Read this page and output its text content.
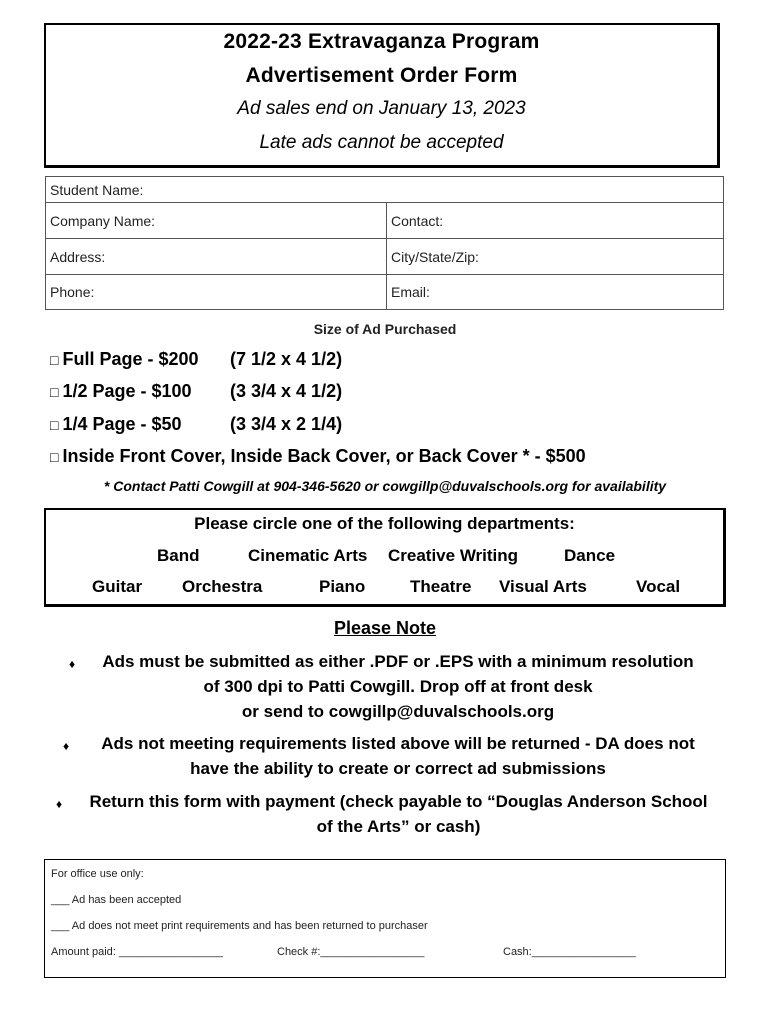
2022-23 Extravaganza Program
Advertisement Order Form
Ad sales end on January 13, 2023
Late ads cannot be accepted
Student Name:	
Company Name:	Contact:
Address:	City/State/Zip:
Phone:	Email:
Size of Ad Purchased
□ Full Page - $200 (7 1/2 x 4 1/2)
□ 1/2 Page - $100 (3 3/4 x 4 1/2)
□ 1/4 Page - $50	(3 3/4 x 2 1/4)
□ Inside Front Cover, Inside Back Cover, or Back Cover * - $500
* Contact Patti Cowgill at 904-346-5620 or cowgillp@duvalschools.org for availability
Please circle one of the following departments:
Band	Cinematic Arts Creative Writing	Dance
Guitar Orchestra	Piano	Theatre Visual Arts	Vocal
Please Note
♦	Ads must be submitted as either .PDF or .EPS with a minimum resolution
of 300 dpi to Patti Cowgill. Drop off at front desk
or send to cowgillp@duvalschools.org
♦	Ads not meeting requirements listed above will be returned - DA does not
have the ability to create or correct ad submissions
♦	Return this form with payment (check payable to “Douglas Anderson School
of the Arts” or cash)
For office use only:
___ Ad has been accepted
___ Ad does not meet print requirements and has been returned to purchaser
Amount paid: _________________	Check #:_________________	Cash:_________________
